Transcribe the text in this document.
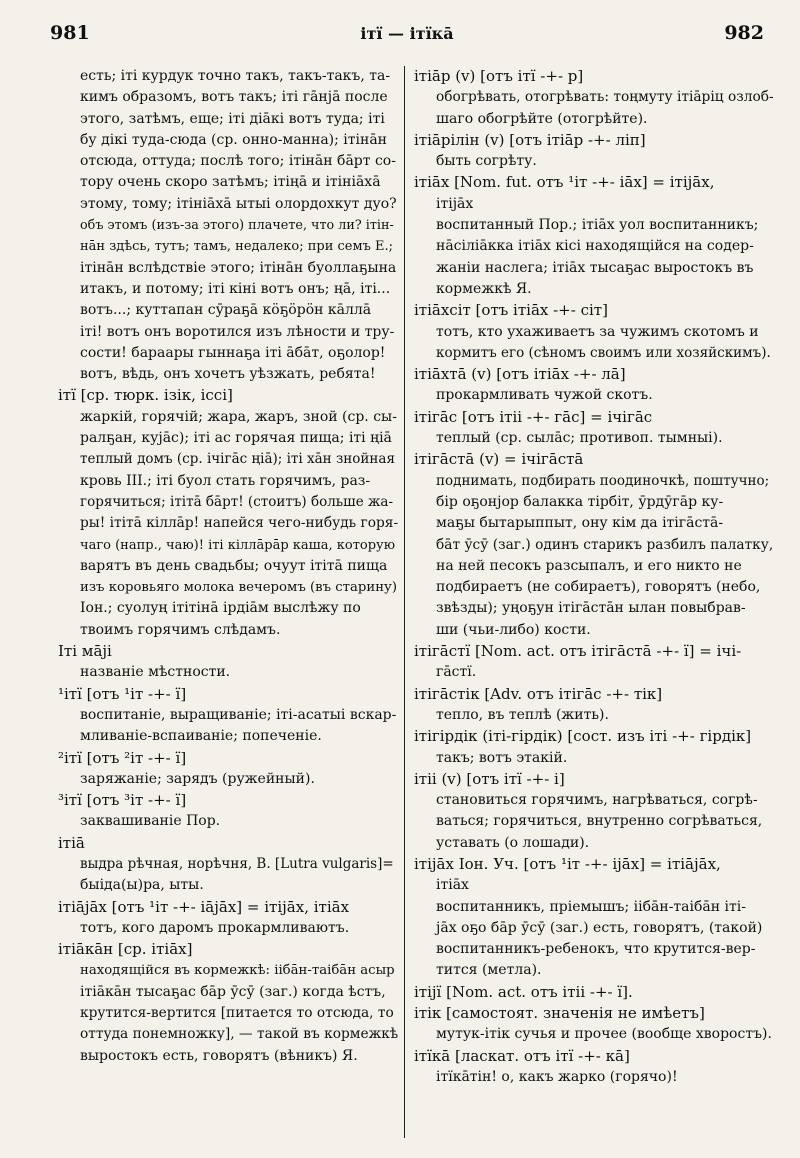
981	ітї — ітїкā	982
есть; іті курдук точно такъ, такъ-такъ, та-
кимъ образомъ, вотъ такъ; іті гāнjā после
этого, затѣмъ, еще; іті діāкі вотъ туда; іті
бу дікі туда-сюда (ср. онно-манна); ітінāн
отсюда, оттуда; послѣ того; ітінāн бāрт со-
тору очень скоро затѣмъ; ітіңā и ітініāхā
этому, тому; ітініāхā ытыі олордохкут дуо?
объ этомъ (изъ-за этого) плачете, что ли? ітін-
нāн здѣсь, тутъ; тамъ, недалеко; при семъ Е.;
ітінāн вслѣдствіе этого; ітінāн буоллаҕына
итакъ, и потому; іті кіні вотъ онъ; ңā, іті...
вотъ...; куттапан сӯраҕā кöҕöрöн кāллā
іті! вотъ онъ воротился изъ лѣности и тру-
сости! бараары гыннаҕа іті āбāт, оҕолор!
вотъ, вѣдь, онъ хочетъ уѣзжать, ребята!
ітї [ср. тюрк. ізік, іссі]
жаркій, горячій; жара, жаръ, зной (ср. сы-
ралҕан, куjāс); іті ас горячая пища; іті ңіā
теплый домъ (ср. ічіга̄с ңіā); іті хāн знойная
кровь III.; іті буол стать горячимъ, раз-
горячиться; ітітā бāрт! (стоитъ) больше жа-
ры! ітітā кіллāр! напейся чего-нибудь горя-
чаго (напр., чаю)! іті кіллāрāр каша, которую
варятъ въ день свадьбы; очуут ітітā пища
изъ коровьяго молока вечеромъ (въ старину)
Іон.; суолуң ітітінā ірдіāм выслѣжу по
твоимъ горячимъ слѣдамъ.
Іті мājі
названіе мѣстности.
¹ітї [отъ ¹іт -+- ї]
воспитаніе, выращиваніе; іті-асатыі вскар-
мливаніе-вспаиваніе; попеченіе.
²ітї [отъ ²іт -+- ї]
заряжаніе; зарядъ (ружейный).
³ітї [отъ ³іт -+- ї]
заквашиваніе Пор.
ітіā
выдра рѣчная, норѣчня, В. [Lutra vulgaris]=
быіда(ы)ра, ыты.
ітіājāх [отъ ¹іт -+- іājāх] = ітіjāх, ітіāх
тотъ, кого даромъ прокармливаютъ.
ітіāкāн [ср. ітіāх]
находящійся въ кормежкѣ: ііба̄н-таіба̄н асыр
ітіāкāн тысаҕас бāр ӯсӯ (заг.) когда ѣстъ,
крутится-вертится [питается то отсюда, то
оттуда понемножку], — такой въ кормежкѣ
выростокъ есть, говорятъ (вѣникъ) Я.
ітіāр (v) [отъ ітї -+- р]
обогрѣвать, отогрѣвать: тоңмуту ітіāріц озлоб-
шаго обогрѣйте (отогрѣйте).
ітіāрілін (v) [отъ ітіāр -+- ліп]
быть согрѣту.
ітіāх [Nom. fut. отъ ¹іт -+- іāх] = ітіjāх,
ітіjāх
воспитанный Пор.; ітіāх уол воспитанникъ;
нāсіліāкка ітіāх кісі находящійся на содер-
жаніи наслега; ітіāх тысаҕас выростокъ въ
кормежкѣ Я.
ітіāхсіт [отъ ітіāх -+- сіт]
тотъ, кто ухаживаетъ за чужимъ скотомъ и
кормитъ его (сѣномъ своимъ или хозяйскимъ).
ітіāхтā (v) [отъ ітіāх -+- лā]
прокармливать чужой скотъ.
ітігāс [отъ ітіі -+- гāс] = ічігāс
теплый (ср. сылāс; противоп. тымныі).
ітігāстā (v) = ічігāстā
поднимать, подбирать поодиночкѣ, поштучно;
бір оҕонjор балакка тірбіт, ӯрдӯгāр ку-
маҕы бытарыппыт, ону кім да ітігāстā-
бāт ӯсӯ (заг.) одинъ старикъ разбилъ палатку,
на ней песокъ разсыпалъ, и его никто не
подбираетъ (не собираетъ), говорятъ (небо,
звѣзды); уңоҕун ітігāстāн ылан повыбрав-
ши (чьи-либо) кости.
ітігāстї [Nom. act. отъ ітігāстā -+- ї] = ічі-
гāстї.
ітігāстік [Adv. отъ ітігāс -+- тік]
тепло, въ теплѣ (жить).
ітігірдік (іті-гірдік) [сост. изъ іті -+- гірдік]
такъ; вотъ этакій.
ітіі (v) [отъ ітї -+- і]
становиться горячимъ, нагрѣваться, согрѣ-
ваться; горячиться, внутренно согрѣваться,
уставать (о лошади).
ітіjāх Іон. Уч. [отъ ¹іт -+- іjāх] = ітіājāх,
ітіāх
воспитанникъ, пріемышъ; ііба̄н-таіба̄н іті-
jāх оҕо бāр ӯсӯ (заг.) есть, говорятъ, (такой)
воспитанникъ-ребенокъ, что крутится-вер-
тится (метла).
ітіjї [Nom. act. отъ ітіі -+- ї].
ітік [самостоят. значенія не имѣетъ]
мутук-ітік сучья и прочее (вообще хворостъ).
ітїкā [ласкат. отъ ітї -+- кā]
ітїкāтін! о, какъ жарко (горячо)!
